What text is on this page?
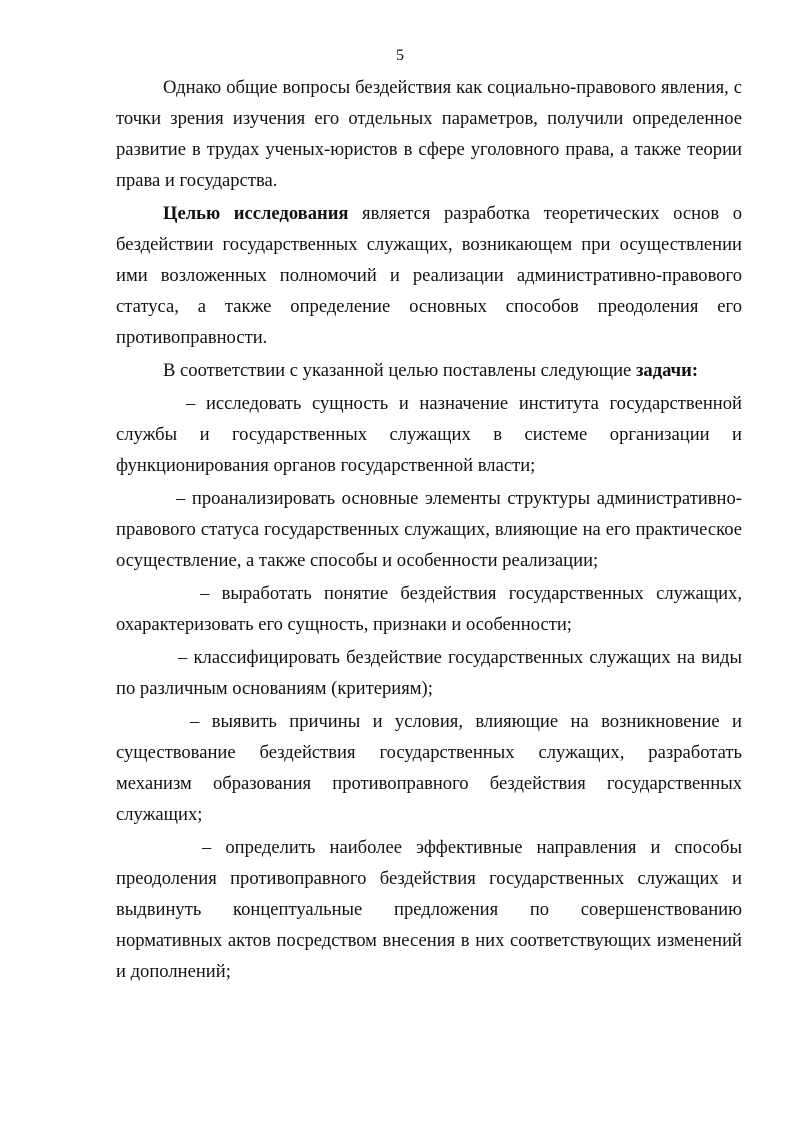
5

Однако общие вопросы бездействия как социально-правового явления, с точки зрения изучения его отдельных параметров, получили определенное развитие в трудах ученых-юристов в сфере уголовного права, а также теории права и государства.

Целью исследования является разработка теоретических основ о бездействии государственных служащих, возникающем при осуществлении ими возложенных полномочий и реализации административно-правового статуса, а также определение основных способов преодоления его противоправности.

В соответствии с указанной целью поставлены следующие задачи:

– исследовать сущность и назначение института государственной службы и государственных служащих в системе организации и функционирования органов государственной власти;

– проанализировать основные элементы структуры административно-правового статуса государственных служащих, влияющие на его практическое осуществление, а также способы и особенности реализации;

– выработать понятие бездействия государственных служащих, охарактеризовать его сущность, признаки и особенности;

– классифицировать бездействие государственных служащих на виды по различным основаниям (критериям);

– выявить причины и условия, влияющие на возникновение и существование бездействия государственных служащих, разработать механизм образования противоправного бездействия государственных служащих;

– определить наиболее эффективные направления и способы преодоления противоправного бездействия государственных служащих и выдвинуть концептуальные предложения по совершенствованию нормативных актов посредством внесения в них соответствующих изменений и дополнений;
